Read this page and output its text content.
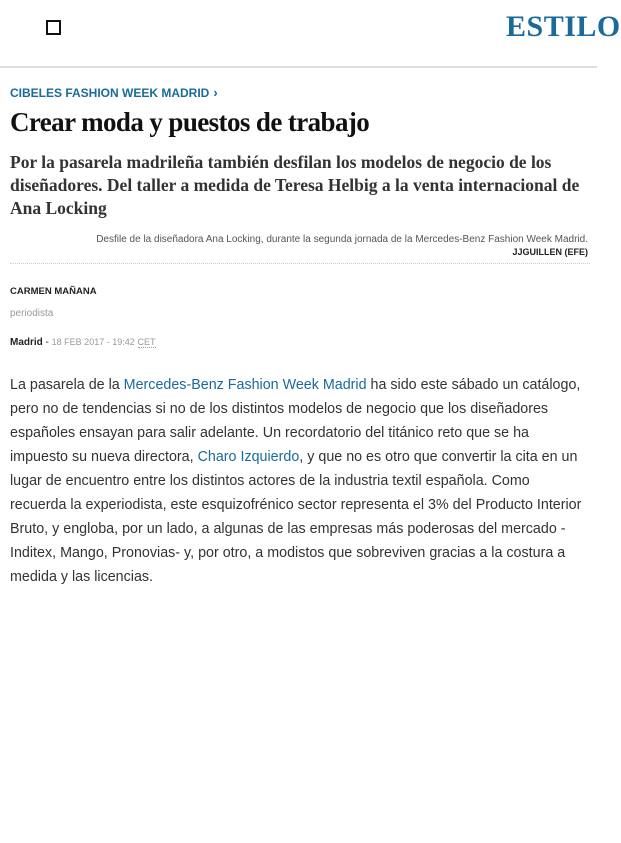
ESTILO
CIBELES FASHION WEEK MADRID ›
Crear moda y puestos de trabajo
Por la pasarela madrileña también desfilan los modelos de negocio de los diseñadores. Del taller a medida de Teresa Helbig a la venta internacional de Ana Locking
Desfile de la diseñadora Ana Locking, durante la segunda jornada de la Mercedes-Benz Fashion Week Madrid.
JJGUILLEN (EFE)
CARMEN MAÑANA
periodista
Madrid - 18 FEB 2017 - 19:42 CET

La pasarela de la Mercedes-Benz Fashion Week Madrid ha sido este sábado un catálogo, pero no de tendencias si no de los distintos modelos de negocio que los diseñadores españoles ensayan para salir adelante. Un recordatorio del titánico reto que se ha impuesto su nueva directora, Charo Izquierdo, y que no es otro que convertir la cita en un lugar de encuentro entre los distintos actores de la industria textil española. Como recuerda la experiodista, este esquizofrénico sector representa el 3% del Producto Interior Bruto, y engloba, por un lado, a algunas de las empresas más poderosas del mercado -Inditex, Mango, Pronovias- y, por otro, a modistos que sobreviven gracias a la costura a medida y las licencias.
